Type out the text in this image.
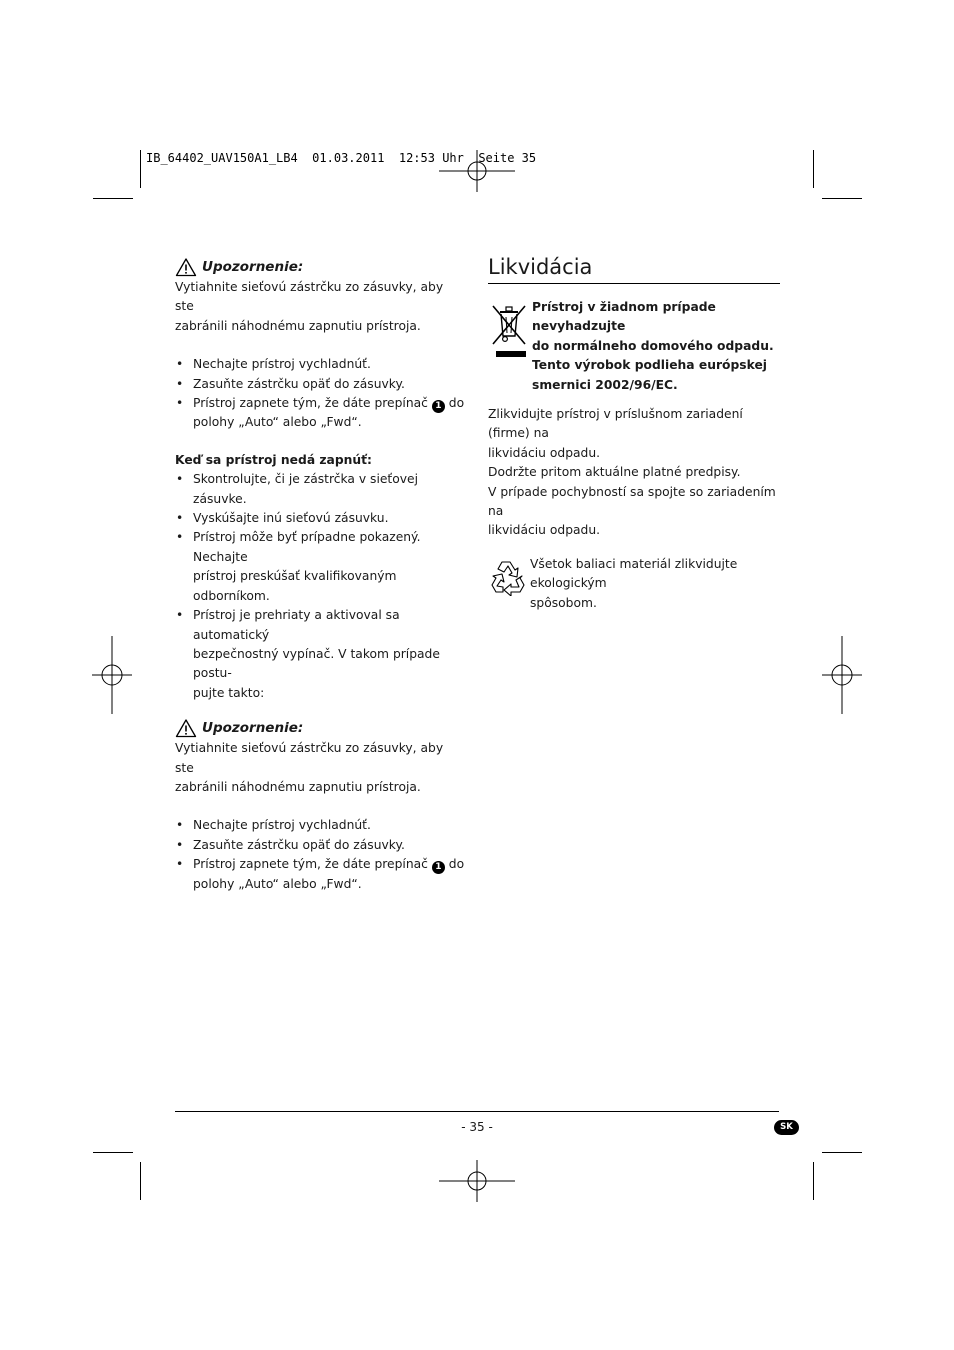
IB_64402_UAV150A1_LB4  01.03.2011  12:53 Uhr  Seite 35
Upozornenie:

Vytiahnite sieťovú zástrčku zo zásuvky, aby ste
zabránili náhodnému zapnutiu prístroja.

• Nechajte prístroj vychladnúť.
• Zasuňte zástrčku opäť do zásuvky.
• Prístroj zapnete tým, že dáte prepínač 1 do
polohy „Auto“ alebo „Fwd“.

Keď sa prístroj nedá zapnúť:

• Skontrolujte, či je zástrčka v sieťovej zásuvke.
• Vyskúšajte inú sieťovú zásuvku.
• Prístroj môže byť prípadne pokazený. Nechajte
prístroj preskúšať kvalifikovaným odborníkom.
• Prístroj je prehriaty a aktivoval sa automatický
bezpečnostný vypínač. V takom prípade postu-
pujte takto:
Upozornenie:

Vytiahnite sieťovú zástrčku zo zásuvky, aby ste
zabránili náhodnému zapnutiu prístroja.

• Nechajte prístroj vychladnúť.
• Zasuňte zástrčku opäť do zásuvky.
• Prístroj zapnete tým, že dáte prepínač 1 do
polohy „Auto“ alebo „Fwd“.
Likvidácia

Prístroj v žiadnom prípade nevyhadzujte
do normálneho domového odpadu.
Tento výrobok podlieha európskej
smernici 2002/96/EC.

Zlikvidujte prístroj v príslušnom zariadení (firme) na
likvidáciu odpadu.
Dodržte pritom aktuálne platné predpisy.
V prípade pochybností sa spojte so zariadením na
likvidáciu odpadu.

Všetok baliaci materiál zlikvidujte ekologickým
spôsobom.

- 35 -	SK
